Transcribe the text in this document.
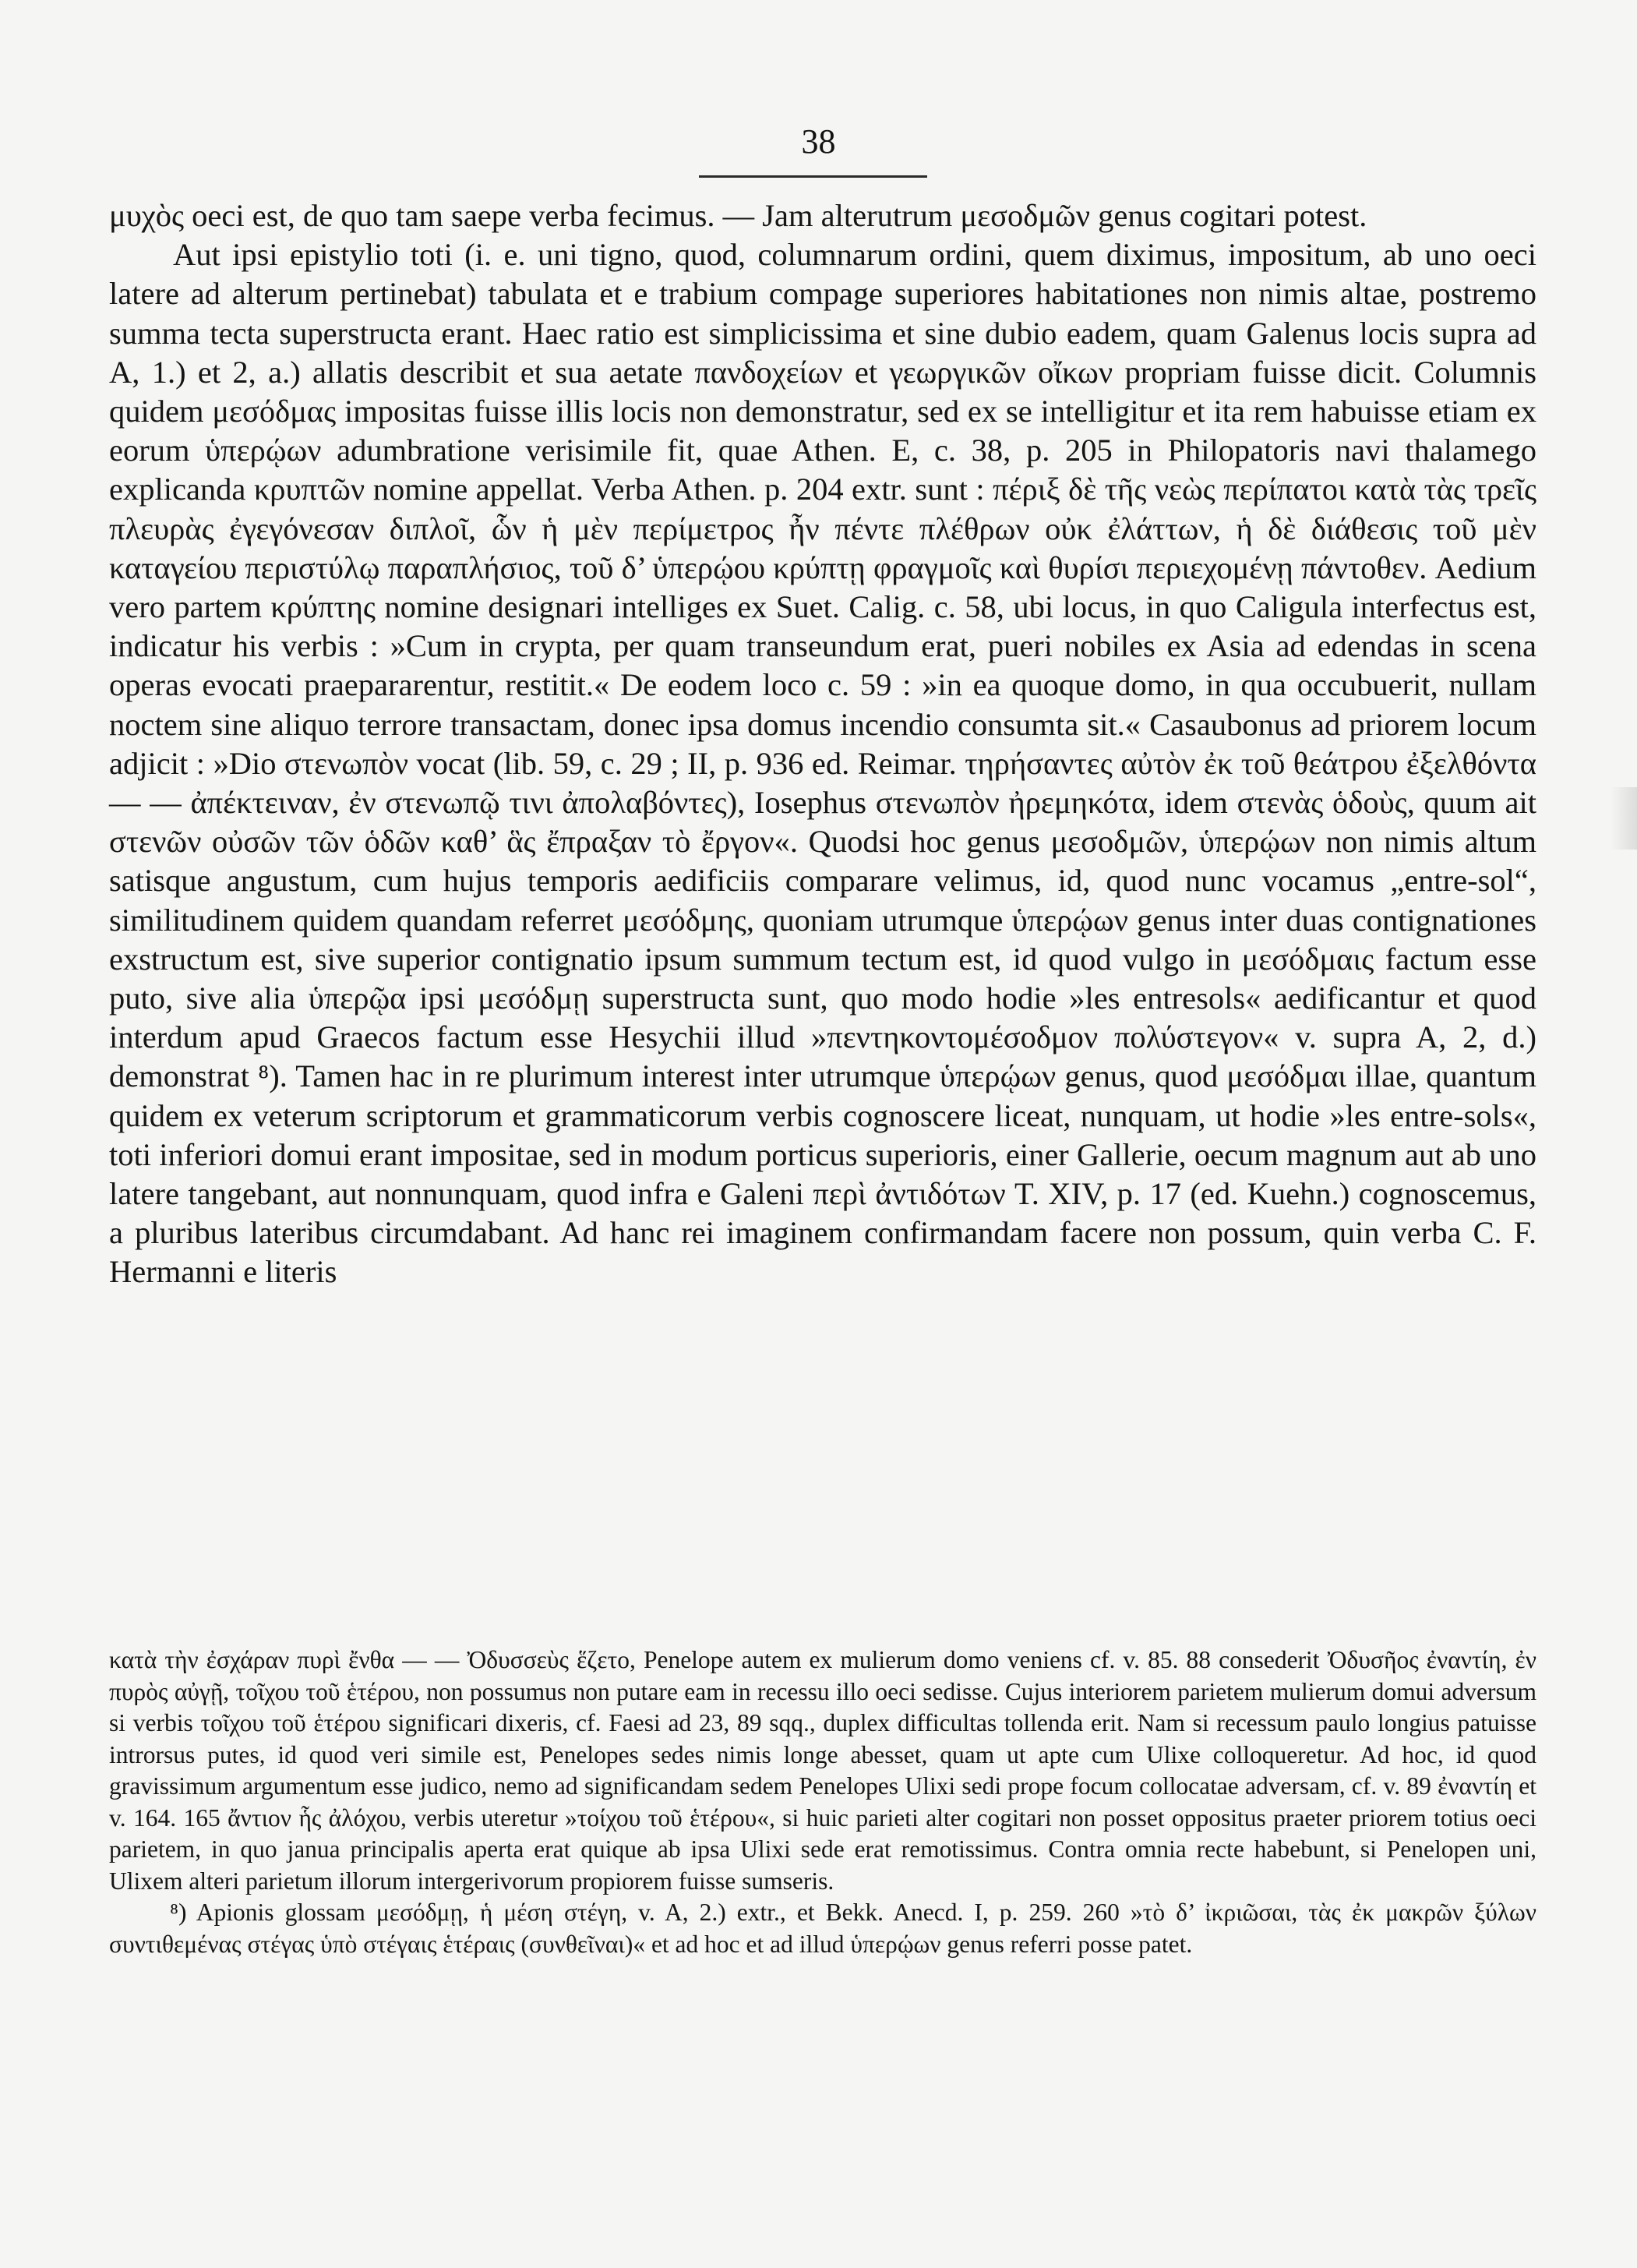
38

μυχὸς oeci est, de quo tam saepe verba fecimus. — Jam alterutrum μεσοδμῶν genus cogitari potest.

Aut ipsi epistylio toti (i. e. uni tigno, quod, columnarum ordini, quem diximus, impositum, ab uno oeci latere ad alterum pertinebat) tabulata et e trabium compage superiores habitationes non nimis altae, postremo summa tecta superstructa erant. Haec ratio est simplicissima et sine dubio eadem, quam Galenus locis supra ad A, 1.) et 2, a.) allatis describit et sua aetate πανδοχείων et γεωργικῶν οἴκων propriam fuisse dicit. Columnis quidem μεσόδμας impositas fuisse illis locis non demonstratur, sed ex se intelligitur et ita rem habuisse etiam ex eorum ὑπερῴων adumbratione verisimile fit, quae Athen. E, c. 38, p. 205 in Philopatoris navi thalamego explicanda κρυπτῶν nomine appellat. Verba Athen. p. 204 extr. sunt : πέριξ δὲ τῆς νεὼς περίπατοι κατὰ τὰς τρεῖς πλευρὰς ἐγεγόνεσαν διπλοῖ, ὧν ἡ μὲν περίμετρος ἦν πέντε πλέθρων οὐκ ἐλάττων, ἡ δὲ διάθεσις τοῦ μὲν καταγείου περιστύλῳ παραπλήσιος, τοῦ δ’ ὑπερῴου κρύπτῃ φραγμοῖς καὶ θυρίσι περιεχομένῃ πάντοθεν. Aedium vero partem κρύπτης nomine designari intelliges ex Suet. Calig. c. 58, ubi locus, in quo Caligula interfectus est, indicatur his verbis : »Cum in crypta, per quam transeundum erat, pueri nobiles ex Asia ad edendas in scena operas evocati praepararentur, restitit.« De eodem loco c. 59 : »in ea quoque domo, in qua occubuerit, nullam noctem sine aliquo terrore transactam, donec ipsa domus incendio consumta sit.« Casaubonus ad priorem locum adjicit : »Dio στενωπὸν vocat (lib. 59, c. 29 ; II, p. 936 ed. Reimar. τηρήσαντες αὐτὸν ἐκ τοῦ θεάτρου ἐξελθόντα — — ἀπέκτειναν, ἐν στενωπῷ τινι ἀπολαβόντες), Iosephus στενωπὸν ἠρεμηκότα, idem στενὰς ὁδοὺς, quum ait στενῶν οὐσῶν τῶν ὁδῶν καθ’ ἃς ἔπραξαν τὸ ἔργον«. Quodsi hoc genus μεσοδμῶν, ὑπερῴων non nimis altum satisque angustum, cum hujus temporis aedificiis comparare velimus, id, quod nunc vocamus „entre-sol“, similitudinem quidem quandam referret μεσόδμης, quoniam utrumque ὑπερῴων genus inter duas contignationes exstructum est, sive superior contignatio ipsum summum tectum est, id quod vulgo in μεσόδμαις factum esse puto, sive alia ὑπερῷα ipsi μεσόδμῃ superstructa sunt, quo modo hodie »les entresols« aedificantur et quod interdum apud Graecos factum esse Hesychii illud »πεντηκοντομέσοδμον πολύστεγον« v. supra A, 2, d.) demonstrat ⁸). Tamen hac in re plurimum interest inter utrumque ὑπερῴων genus, quod μεσόδμαι illae, quantum quidem ex veterum scriptorum et grammaticorum verbis cognoscere liceat, nunquam, ut hodie »les entre-sols«, toti inferiori domui erant impositae, sed in modum porticus superioris, einer Gallerie, oecum magnum aut ab uno latere tangebant, aut nonnunquam, quod infra e Galeni περὶ ἀντιδότων T. XIV, p. 17 (ed. Kuehn.) cognoscemus, a pluribus lateribus circumdabant. Ad hanc rei imaginem confirmandam facere non possum, quin verba C. F. Hermanni e literis

κατὰ τὴν ἐσχάραν πυρὶ ἔνθα — — Ὀδυσσεὺς ἕζετο, Penelope autem ex mulierum domo veniens cf. v. 85. 88 consederit Ὀδυσῆος ἐναντίη, ἐν πυρὸς αὐγῇ, τοῖχου τοῦ ἑτέρου, non possumus non putare eam in recessu illo oeci sedisse. Cujus interiorem parietem mulierum domui adversum si verbis τοῖχου τοῦ ἑτέρου significari dixeris, cf. Faesi ad 23, 89 sqq., duplex difficultas tollenda erit. Nam si recessum paulo longius patuisse introrsus putes, id quod veri simile est, Penelopes sedes nimis longe abesset, quam ut apte cum Ulixe colloqueretur. Ad hoc, id quod gravissimum argumentum esse judico, nemo ad significandam sedem Penelopes Ulixi sedi prope focum collocatae adversam, cf. v. 89 ἐναντίη et v. 164. 165 ἄντιον ἧς ἀλόχου, verbis uteretur »τοίχου τοῦ ἑτέρου«, si huic parieti alter cogitari non posset oppositus praeter priorem totius oeci parietem, in quo janua principalis aperta erat quique ab ipsa Ulixi sede erat remotissimus. Contra omnia recte habebunt, si Penelopen uni, Ulixem alteri parietum illorum intergerivorum propiorem fuisse sumseris.

⁸) Apionis glossam μεσόδμῃ, ἡ μέση στέγη, v. A, 2.) extr., et Bekk. Anecd. I, p. 259. 260 »τὸ δ’ ἰκριῶσαι, τὰς ἐκ μακρῶν ξύλων συντιθεμένας στέγας ὑπὸ στέγαις ἑτέραις (συνθεῖναι)« et ad hoc et ad illud ὑπερῴων genus referri posse patet.
